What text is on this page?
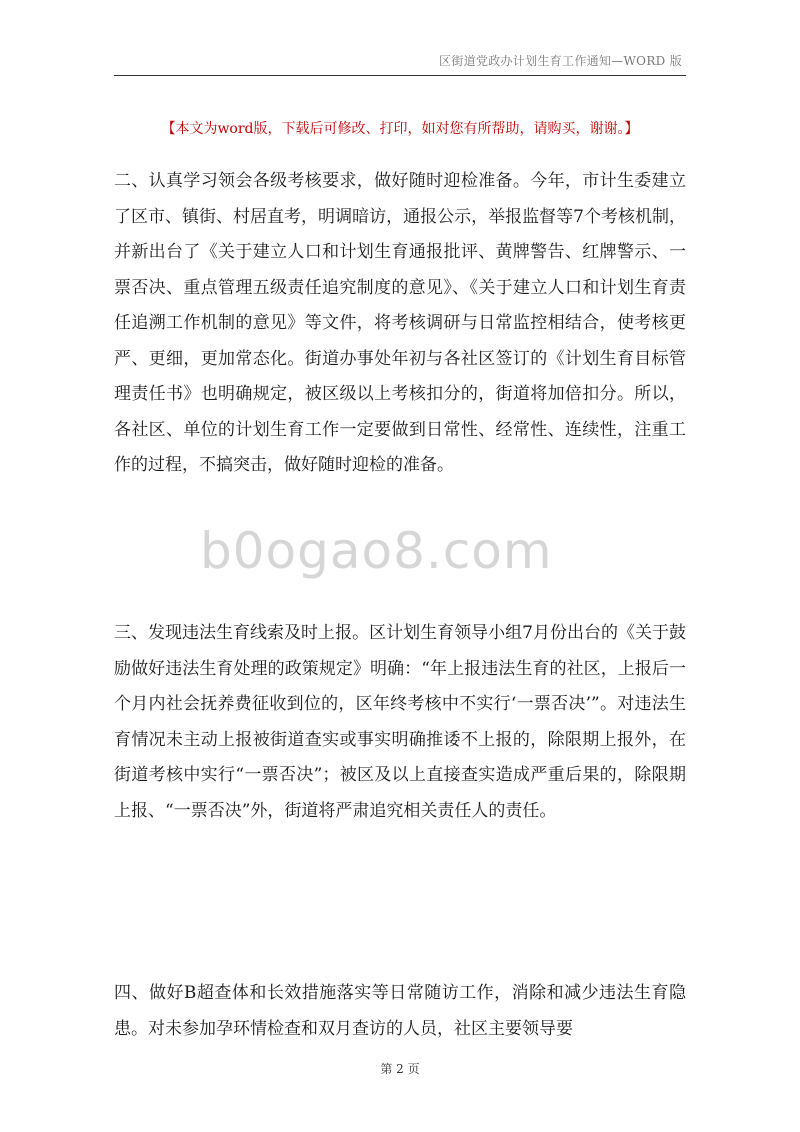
区街道党政办计划生育工作通知—WORD 版
【本文为word版，下载后可修改、打印，如对您有所帮助，请购买，谢谢。】

二、认真学习领会各级考核要求，做好随时迎检准备。今年，市计生委建立了区市、镇街、村居直考，明调暗访，通报公示，举报监督等7个考核机制，并新出台了《关于建立人口和计划生育通报批评、黄牌警告、红牌警示、一票否决、重点管理五级责任追究制度的意见》、《关于建立人口和计划生育责任追溯工作机制的意见》等文件，将考核调研与日常监控相结合，使考核更严、更细，更加常态化。街道办事处年初与各社区签订的《计划生育目标管理责任书》也明确规定，被区级以上考核扣分的，街道将加倍扣分。所以，各社区、单位的计划生育工作一定要做到日常性、经常性、连续性，注重工作的过程，不搞突击，做好随时迎检的准备。

三、发现违法生育线索及时上报。区计划生育领导小组7月份出台的《关于鼓励做好违法生育处理的政策规定》明确：“年上报违法生育的社区，上报后一个月内社会抚养费征收到位的，区年终考核中不实行‘一票否决’”。对违法生育情况未主动上报被街道查实或事实明确推诿不上报的，除限期上报外，在街道考核中实行“一票否决”；被区及以上直接查实造成严重后果的，除限期上报、“一票否决”外，街道将严肃追究相关责任人的责任。

四、做好B超查体和长效措施落实等日常随访工作，消除和减少违法生育隐患。对未参加孕环情检查和双月查访的人员，社区主要领导要

b0ogao8.com
第 2 页
